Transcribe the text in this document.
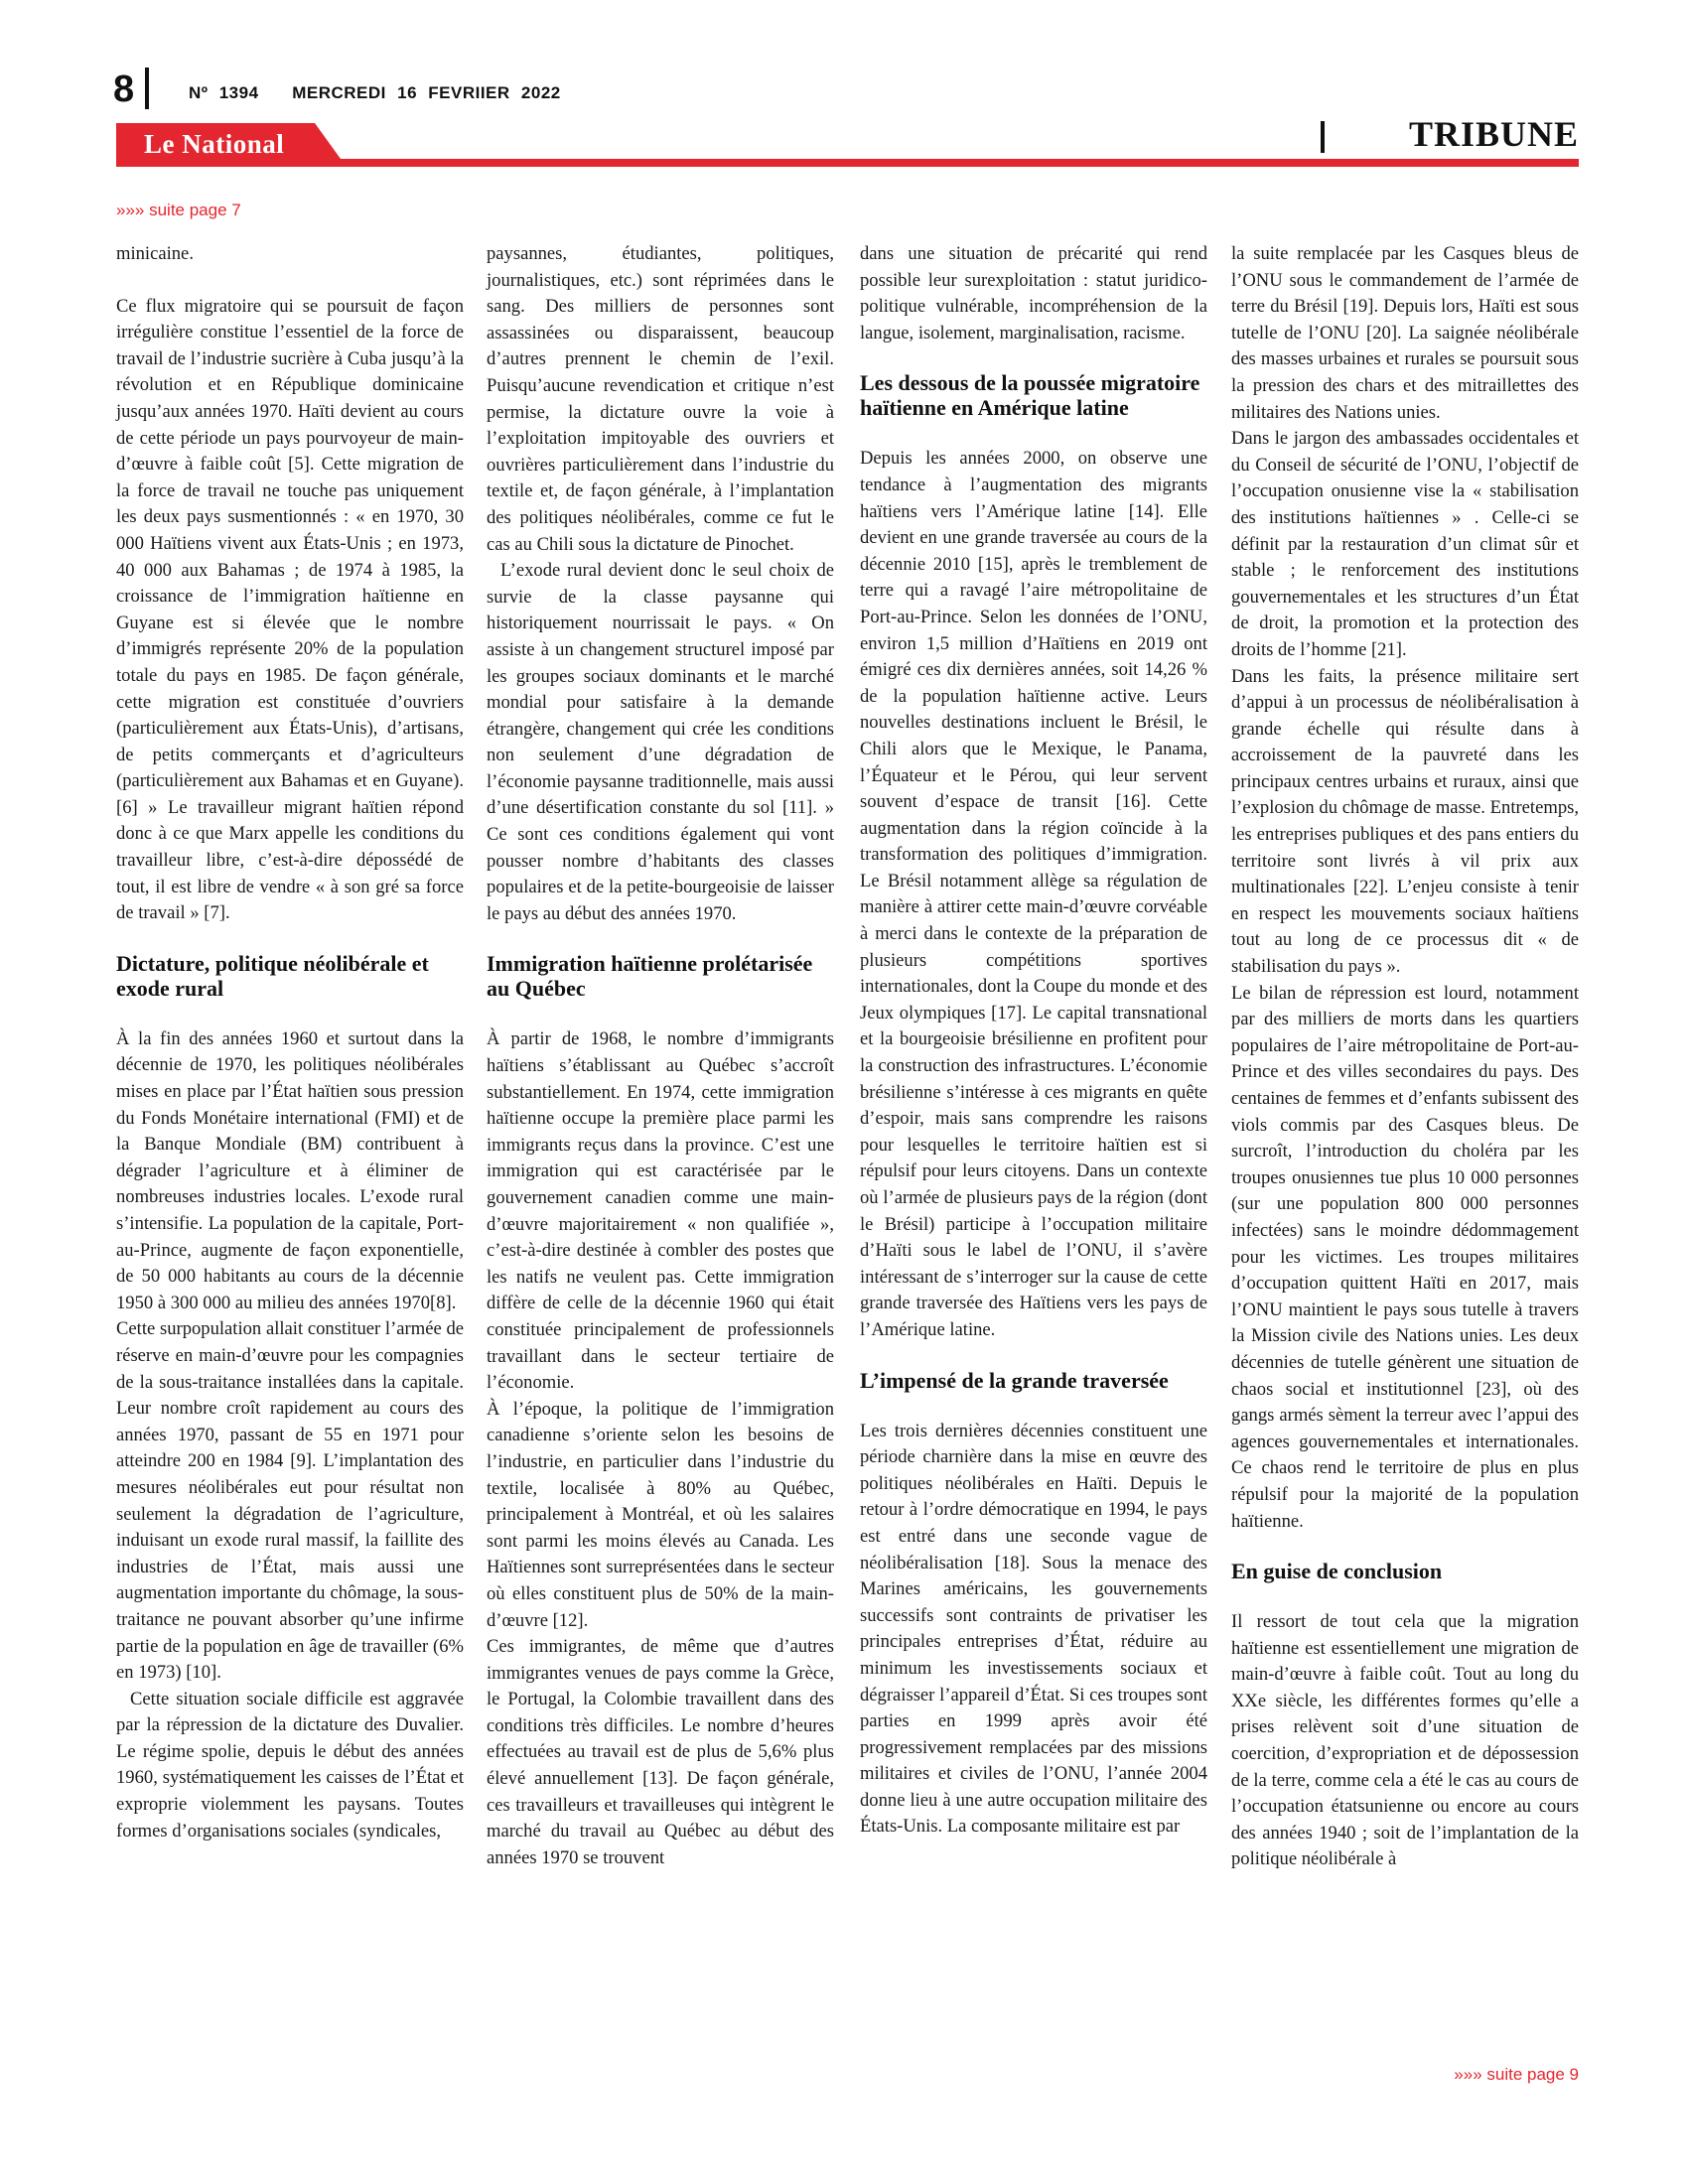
8	Nº 1394 MERCREDI 16 FEVRIIER 2022
Le National	TRIBUNE
»»» suite page 7

minicaine.

Ce flux migratoire qui se poursuit de façon irrégulière constitue l’essentiel de la force de travail de l’industrie sucrière à Cuba jusqu’à la révolution et en République dominicaine jusqu’aux années 1970. Haïti devient au cours de cette période un pays pourvoyeur de main-d’œuvre à faible coût [5]. Cette migration de la force de travail ne touche pas uniquement les deux pays susmentionnés : « en 1970, 30 000 Haïtiens vivent aux États-Unis ; en 1973, 40 000 aux Bahamas ; de 1974 à 1985, la croissance de l’immigration haïtienne en Guyane est si élevée que le nombre d’immigrés représente 20% de la population totale du pays en 1985. De façon générale, cette migration est constituée d’ouvriers (particulièrement aux États-Unis), d’artisans, de petits commerçants et d’agriculteurs (particulièrement aux Bahamas et en Guyane).[6] » Le travailleur migrant haïtien répond donc à ce que Marx appelle les conditions du travailleur libre, c’est-à-dire dépossédé de tout, il est libre de vendre « à son gré sa force de travail » [7].

Dictature, politique néolibérale et exode rural

À la fin des années 1960 et surtout dans la décennie de 1970, les politiques néolibérales mises en place par l’État haïtien sous pression du Fonds Monétaire international (FMI) et de la Banque Mondiale (BM) contribuent à dégrader l’agriculture et à éliminer de nombreuses industries locales. L’exode rural s’intensifie. La population de la capitale, Port-au-Prince, augmente de façon exponentielle, de 50 000 habitants au cours de la décennie 1950 à 300 000 au milieu des années 1970[8].

Cette surpopulation allait constituer l’armée de réserve en main-d’œuvre pour les compagnies de la sous-traitance installées dans la capitale. Leur nombre croît rapidement au cours des années 1970, passant de 55 en 1971 pour atteindre 200 en 1984 [9]. L’implantation des mesures néolibérales eut pour résultat non seulement la dégradation de l’agriculture, induisant un exode rural massif, la faillite des industries de l’État, mais aussi une augmentation importante du chômage, la sous-traitance ne pouvant absorber qu’une infirme partie de la population en âge de travailler (6% en 1973) [10].

Cette situation sociale difficile est aggravée par la répression de la dictature des Duvalier. Le régime spolie, depuis le début des années 1960, systématiquement les caisses de l’État et exproprie violemment les paysans. Toutes formes d’organisations sociales (syndicales,

paysannes, étudiantes, politiques, journalistiques, etc.) sont réprimées dans le sang. Des milliers de personnes sont assassinées ou disparaissent, beaucoup d’autres prennent le chemin de l’exil. Puisqu’aucune revendication et critique n’est permise, la dictature ouvre la voie à l’exploitation impitoyable des ouvriers et ouvrières particulièrement dans l’industrie du textile et, de façon générale, à l’implantation des politiques néolibérales, comme ce fut le cas au Chili sous la dictature de Pinochet.

L’exode rural devient donc le seul choix de survie de la classe paysanne qui historiquement nourrissait le pays. « On assiste à un changement structurel imposé par les groupes sociaux dominants et le marché mondial pour satisfaire à la demande étrangère, changement qui crée les conditions non seulement d’une dégradation de l’économie paysanne traditionnelle, mais aussi d’une désertification constante du sol [11]. » Ce sont ces conditions également qui vont pousser nombre d’habitants des classes populaires et de la petite-bourgeoisie de laisser le pays au début des années 1970.

Immigration haïtienne prolétarisée au Québec

À partir de 1968, le nombre d’immigrants haïtiens s’établissant au Québec s’accroît substantiellement. En 1974, cette immigration haïtienne occupe la première place parmi les immigrants reçus dans la province. C’est une immigration qui est caractérisée par le gouvernement canadien comme une main-d’œuvre majoritairement « non qualifiée », c’est-à-dire destinée à combler des postes que les natifs ne veulent pas. Cette immigration diffère de celle de la décennie 1960 qui était constituée principalement de professionnels travaillant dans le secteur tertiaire de l’économie.

À l’époque, la politique de l’immigration canadienne s’oriente selon les besoins de l’industrie, en particulier dans l’industrie du textile, localisée à 80% au Québec, principalement à Montréal, et où les salaires sont parmi les moins élevés au Canada. Les Haïtiennes sont surreprésentées dans le secteur où elles constituent plus de 50% de la main-d’œuvre [12].

Ces immigrantes, de même que d’autres immigrantes venues de pays comme la Grèce, le Portugal, la Colombie travaillent dans des conditions très difficiles. Le nombre d’heures effectuées au travail est de plus de 5,6% plus élevé annuellement [13]. De façon générale, ces travailleurs et travailleuses qui intègrent le marché du travail au Québec au début des années 1970 se trouvent

dans une situation de précarité qui rend possible leur surexploitation : statut juridico-politique vulnérable, incompréhension de la langue, isolement, marginalisation, racisme.

Les dessous de la poussée migratoire haïtienne en Amérique latine

Depuis les années 2000, on observe une tendance à l’augmentation des migrants haïtiens vers l’Amérique latine [14]. Elle devient en une grande traversée au cours de la décennie 2010 [15], après le tremblement de terre qui a ravagé l’aire métropolitaine de Port-au-Prince. Selon les données de l’ONU, environ 1,5 million d’Haïtiens en 2019 ont émigré ces dix dernières années, soit 14,26 % de la population haïtienne active. Leurs nouvelles destinations incluent le Brésil, le Chili alors que le Mexique, le Panama, l’Équateur et le Pérou, qui leur servent souvent d’espace de transit [16]. Cette augmentation dans la région coïncide à la transformation des politiques d’immigration. Le Brésil notamment allège sa régulation de manière à attirer cette main-d’œuvre corvéable à merci dans le contexte de la préparation de plusieurs compétitions sportives internationales, dont la Coupe du monde et des Jeux olympiques [17]. Le capital transnational et la bourgeoisie brésilienne en profitent pour la construction des infrastructures. L’économie brésilienne s’intéresse à ces migrants en quête d’espoir, mais sans comprendre les raisons pour lesquelles le territoire haïtien est si répulsif pour leurs citoyens. Dans un contexte où l’armée de plusieurs pays de la région (dont le Brésil) participe à l’occupation militaire d’Haïti sous le label de l’ONU, il s’avère intéressant de s’interroger sur la cause de cette grande traversée des Haïtiens vers les pays de l’Amérique latine.

L’impensé de la grande traversée

Les trois dernières décennies constituent une période charnière dans la mise en œuvre des politiques néolibérales en Haïti. Depuis le retour à l’ordre démocratique en 1994, le pays est entré dans une seconde vague de néolibéralisation [18]. Sous la menace des Marines américains, les gouvernements successifs sont contraints de privatiser les principales entreprises d’État, réduire au minimum les investissements sociaux et dégraisser l’appareil d’État. Si ces troupes sont parties en 1999 après avoir été progressivement remplacées par des missions militaires et civiles de l’ONU, l’année 2004 donne lieu à une autre occupation militaire des États-Unis. La composante militaire est par

la suite remplacée par les Casques bleus de l’ONU sous le commandement de l’armée de terre du Brésil [19]. Depuis lors, Haïti est sous tutelle de l’ONU [20]. La saignée néolibérale des masses urbaines et rurales se poursuit sous la pression des chars et des mitraillettes des militaires des Nations unies.

Dans le jargon des ambassades occidentales et du Conseil de sécurité de l’ONU, l’objectif de l’occupation onusienne vise la « stabilisation des institutions haïtiennes » . Celle-ci se définit par la restauration d’un climat sûr et stable ; le renforcement des institutions gouvernementales et les structures d’un État de droit, la promotion et la protection des droits de l’homme [21].

Dans les faits, la présence militaire sert d’appui à un processus de néolibéralisation à grande échelle qui résulte dans à accroissement de la pauvreté dans les principaux centres urbains et ruraux, ainsi que l’explosion du chômage de masse. Entretemps, les entreprises publiques et des pans entiers du territoire sont livrés à vil prix aux multinationales [22]. L’enjeu consiste à tenir en respect les mouvements sociaux haïtiens tout au long de ce processus dit « de stabilisation du pays ».

Le bilan de répression est lourd, notamment par des milliers de morts dans les quartiers populaires de l’aire métropolitaine de Port-au-Prince et des villes secondaires du pays. Des centaines de femmes et d’enfants subissent des viols commis par des Casques bleus. De surcroît, l’introduction du choléra par les troupes onusiennes tue plus 10 000 personnes (sur une population 800 000 personnes infectées) sans le moindre dédommagement pour les victimes. Les troupes militaires d’occupation quittent Haïti en 2017, mais l’ONU maintient le pays sous tutelle à travers la Mission civile des Nations unies. Les deux décennies de tutelle génèrent une situation de chaos social et institutionnel [23], où des gangs armés sèment la terreur avec l’appui des agences gouvernementales et internationales. Ce chaos rend le territoire de plus en plus répulsif pour la majorité de la population haïtienne.

En guise de conclusion

Il ressort de tout cela que la migration haïtienne est essentiellement une migration de main-d’œuvre à faible coût. Tout au long du XXe siècle, les différentes formes qu’elle a prises relèvent soit d’une situation de coercition, d’expropriation et de dépossession de la terre, comme cela a été le cas au cours de l’occupation étatsunienne ou encore au cours des années 1940 ; soit de l’implantation de la politique néolibérale à

»»» suite page 9
